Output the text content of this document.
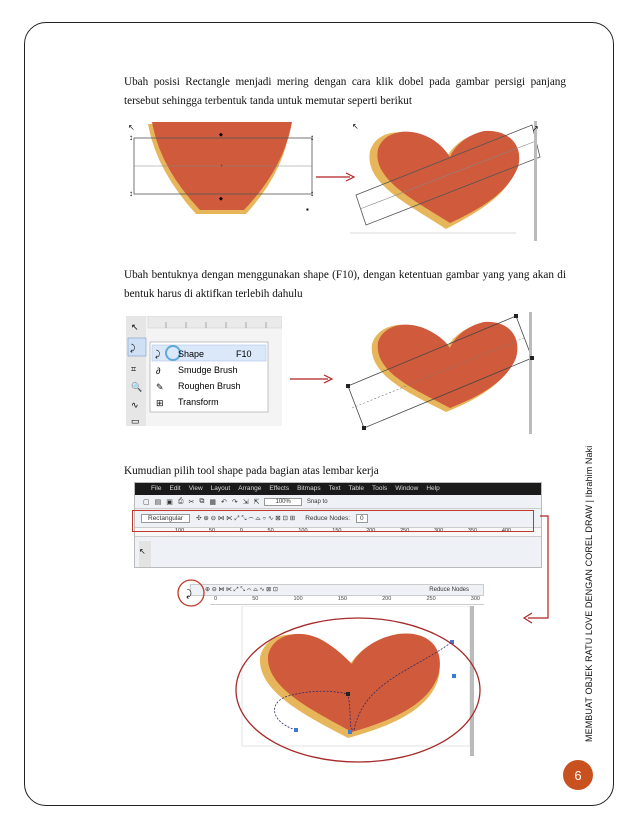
Ubah posisi Rectangle menjadi mering dengan cara klik dobel pada gambar persigi panjang tersebut sehingga terbentuk tanda untuk memutar seperti berikut

+
◆
◆
↕
↕
↕
↕
↖
▪
↖	↗

Ubah bentuknya dengan menggunakan shape (F10), dengan ketentuan gambar yang yang akan di bentuk harus di aktifkan terlebih dahulu

↖
⤸
⌗
🔍
∿
▭
⤸
∂
✎
⊞
Shape	F10
Smudge Brush
Roughen Brush
Transform

Kumudian pilih tool shape pada bagian atas lembar kerja

File Edit View Layout Arrange Effects Bitmaps Text Table Tools Window Help
▢ ▤ ▣ ⎙ ✂ ⧉ ▦ ↶ ↷ ⇲ ⇱	100%	Snap to
Rectangular	✣ ⊕ ⊖ ⋈ ⋉ ⤢ ⤡ ⌒ ⌓ ⌔ ∿ ⊠ ⊡ ⊞ Reduce Nodes:	0
100	50	0	50	100	150	200	250	300	350	400
↖
⊕ ⊖ ⋈ ⋉ ⤢ ⤡ ⌒ ⌓ ∿ ⊠ ⊡	Reduce Nodes
0	50	100	150	200	250	300
⤸	MEMBUAT OBJEK RATU LOVE DENGAN COREL DRAW | Ibrahim Naki
6
